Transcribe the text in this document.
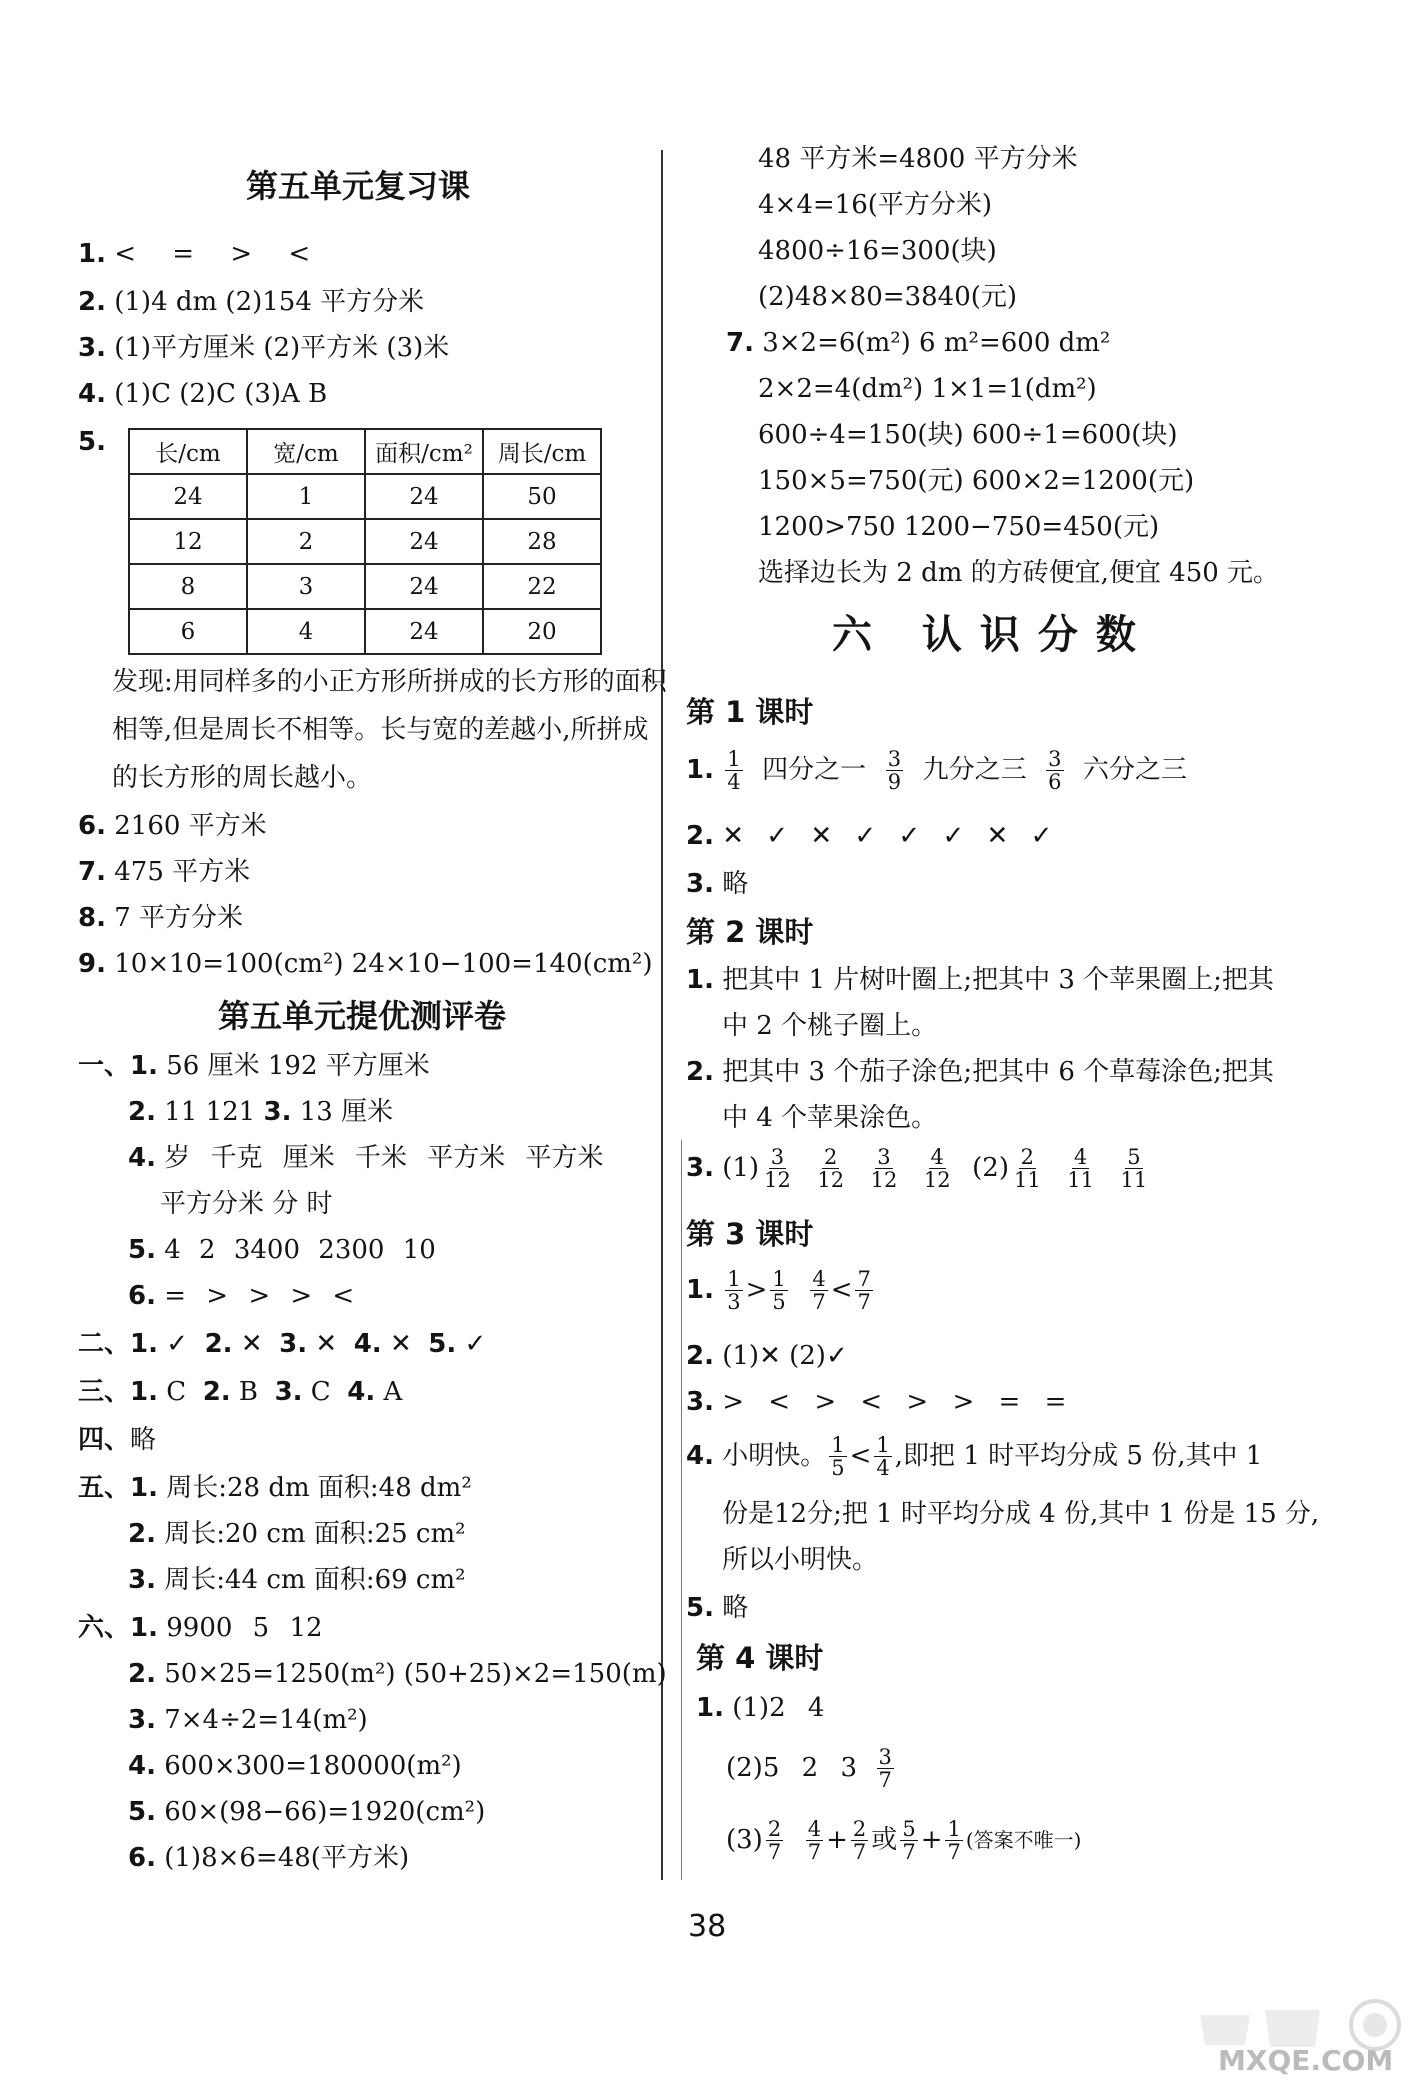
第五单元复习课
1. < = > <
2. (1)4 dm (2)154 平方分米
3. (1)平方厘米 (2)平方米 (3)米
4. (1)C (2)C (3)A B
5. 长/cm	宽/cm	面积/cm²	周长/cm
24	1	24	50
12	2	24	28
8	3	24	22
6	4	24	20
发现:用同样多的小正方形所拼成的长方形的面积
相等,但是周长不相等。长与宽的差越小,所拼成
的长方形的周长越小。
6. 2160 平方米
7. 475 平方米
8. 7 平方分米
9. 10×10=100(cm²) 24×10−100=140(cm²)
第五单元提优测评卷
一、1. 56 厘米 192 平方厘米
2. 11 121 3. 13 厘米
4. 岁 千克 厘米 千米 平方米 平方米
平方分米 分 时
5. 4 2 3400 2300 10
6. = > > > <
二、1. ✓ 2. ✕ 3. ✕ 4. ✕ 5. ✓
三、1. C 2. B 3. C 4. A
四、略
五、1. 周长:28 dm 面积:48 dm²
2. 周长:20 cm 面积:25 cm²
3. 周长:44 cm 面积:69 cm²
六、1. 9900 5 12
2. 50×25=1250(m²) (50+25)×2=150(m)
3. 7×4÷2=14(m²)
4. 600×300=180000(m²)
5. 60×(98−66)=1920(cm²)
6. (1)8×6=48(平方米)
48 平方米=4800 平方分米
4×4=16(平方分米)
4800÷16=300(块)
(2)48×80=3840(元)
7. 3×2=6(m²) 6 m²=600 dm²
2×2=4(dm²) 1×1=1(dm²)
600÷4=150(块) 600÷1=600(块)
150×5=750(元) 600×2=1200(元)
1200>750 1200−750=450(元)
选择边长为 2 dm 的方砖便宜,便宜 450 元。
六 认识分数
第 1 课时
1.
$\frac{1}{4}$
四分之一
$\frac{3}{9}$
九分之三
$\frac{3}{6}$
六分之三
2. ✕ ✓ ✕ ✓ ✓ ✓ ✕ ✓
3. 略
第 2 课时
1. 把其中 1 片树叶圈上;把其中 3 个苹果圈上;把其
中 2 个桃子圈上。
2. 把其中 3 个茄子涂色;把其中 6 个草莓涂色;把其
中 4 个苹果涂色。
3.
$(1) \frac{3}{12}$
$\frac{2}{12}$
$\frac{3}{12}$
$\frac{4}{12}$
$(2) \frac{2}{11}$
$\frac{4}{11}$
$\frac{5}{11}$
第 3 课时
1.
$\frac{1}{3} > \frac{1}{5}$
$\frac{4}{7} < \frac{7}{7}$
2. (1)✕ (2)✓
3. > < > < > > = =
4.
小明快。 $\frac{1}{5} < \frac{1}{4}$ ,即把 1 时平均分成 5 份,其中 1
份是12分;把 1 时平均分成 4 份,其中 1 份是 15 分,
所以小明快。
5. 略
第 4 课时
1. (1)2 4
(2)5 2 3
$\frac{3}{7}$
$(3) \frac{2}{7}$
$\frac{4}{7} + \frac{2}{7}$ 或 $\frac{5}{7} + \frac{1}{7}$ (答案不唯一)
38
MXQE.COM
